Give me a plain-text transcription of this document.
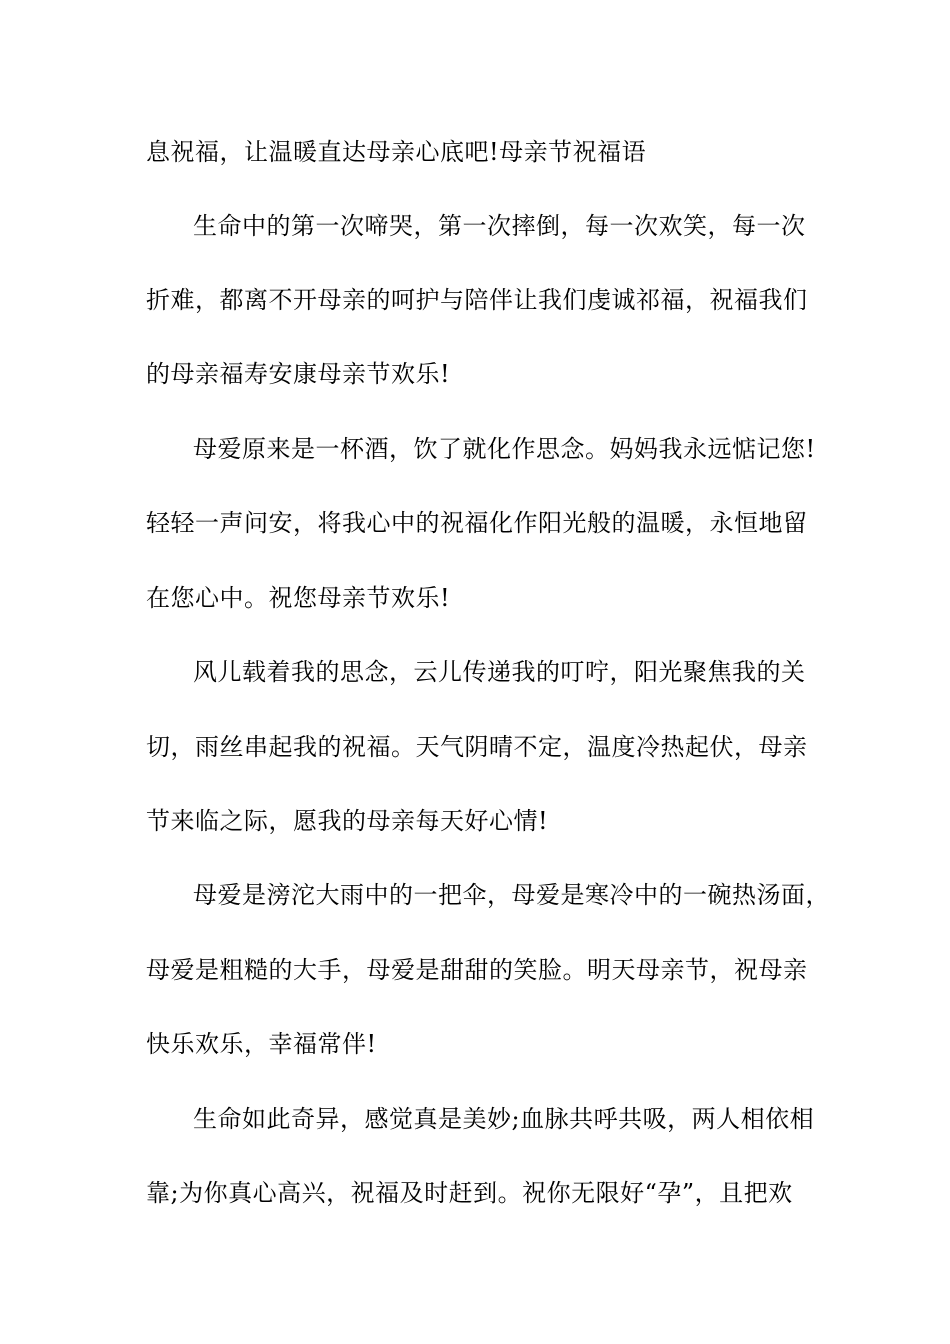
息祝福，让温暖直达母亲心底吧!母亲节祝福语
生命中的第一次啼哭，第一次摔倒，每一次欢笑，每一次
折难，都离不开母亲的呵护与陪伴让我们虔诚祁福，祝福我们
的母亲福寿安康母亲节欢乐!
母爱原来是一杯酒，饮了就化作思念。妈妈我永远惦记您!
轻轻一声问安，将我心中的祝福化作阳光般的温暖，永恒地留
在您心中。祝您母亲节欢乐!
风儿载着我的思念，云儿传递我的叮咛，阳光聚焦我的关
切，雨丝串起我的祝福。天气阴晴不定，温度冷热起伏，母亲
节来临之际，愿我的母亲每天好心情!
母爱是滂沱大雨中的一把伞，母爱是寒冷中的一碗热汤面，
母爱是粗糙的大手，母爱是甜甜的笑脸。明天母亲节，祝母亲
快乐欢乐，幸福常伴!
生命如此奇异，感觉真是美妙;血脉共呼共吸，两人相依相
靠;为你真心高兴，祝福及时赶到。祝你无限好“孕”，且把欢
